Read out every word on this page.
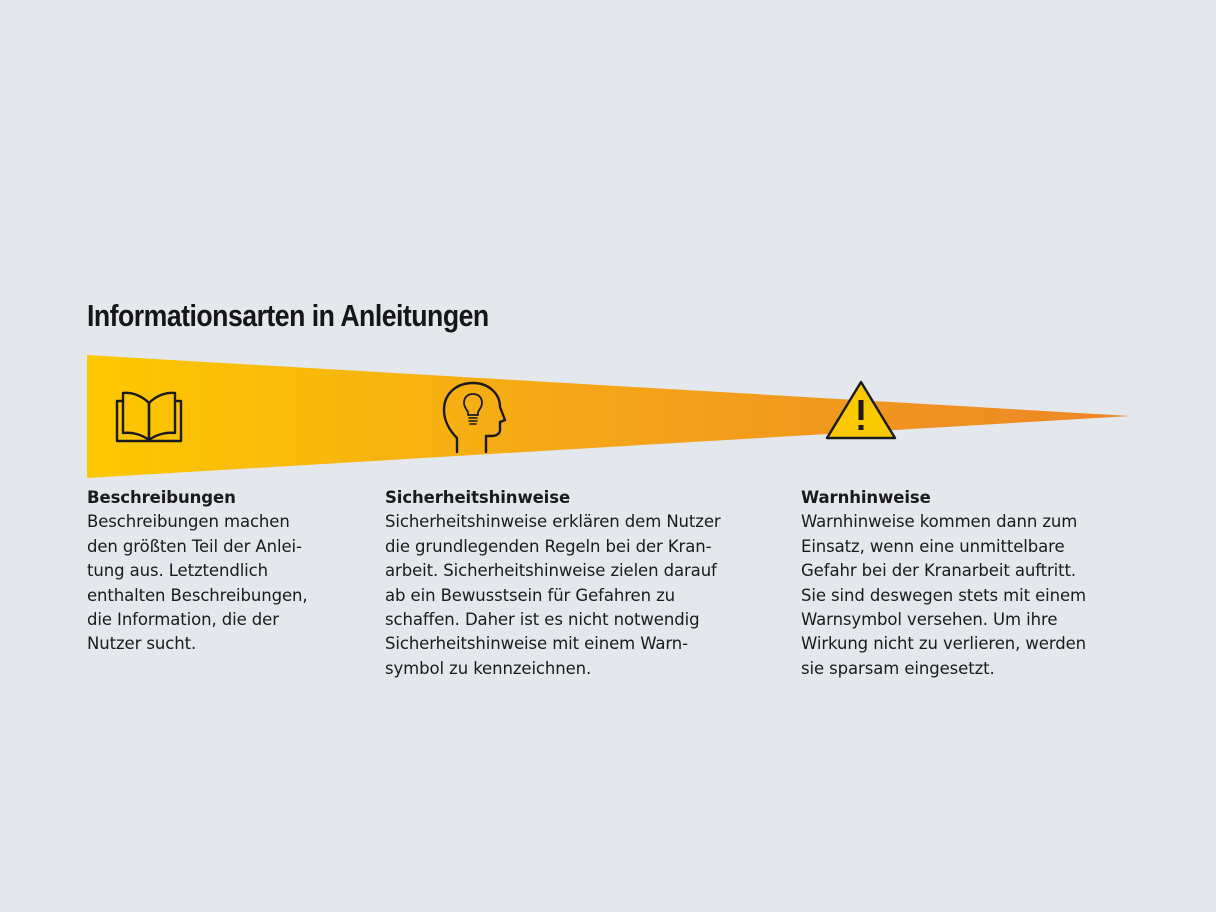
Informationsarten in Anleitungen
Beschreibungen
Beschreibungen machen
den größten Teil der Anlei-
tung aus. Letztendlich
enthalten Beschreibungen,
die Information, die der
Nutzer sucht.
Sicherheitshinweise
Sicherheitshinweise erklären dem Nutzer
die grundlegenden Regeln bei der Kran-
arbeit. Sicherheitshinweise zielen darauf
ab ein Bewusstsein für Gefahren zu
schaffen. Daher ist es nicht notwendig
Sicherheitshinweise mit einem Warn-
symbol zu kennzeichnen.
Warnhinweise
Warnhinweise kommen dann zum
Einsatz, wenn eine unmittelbare
Gefahr bei der Kranarbeit auftritt.
Sie sind deswegen stets mit einem
Warnsymbol versehen. Um ihre
Wirkung nicht zu verlieren, werden
sie sparsam eingesetzt.
